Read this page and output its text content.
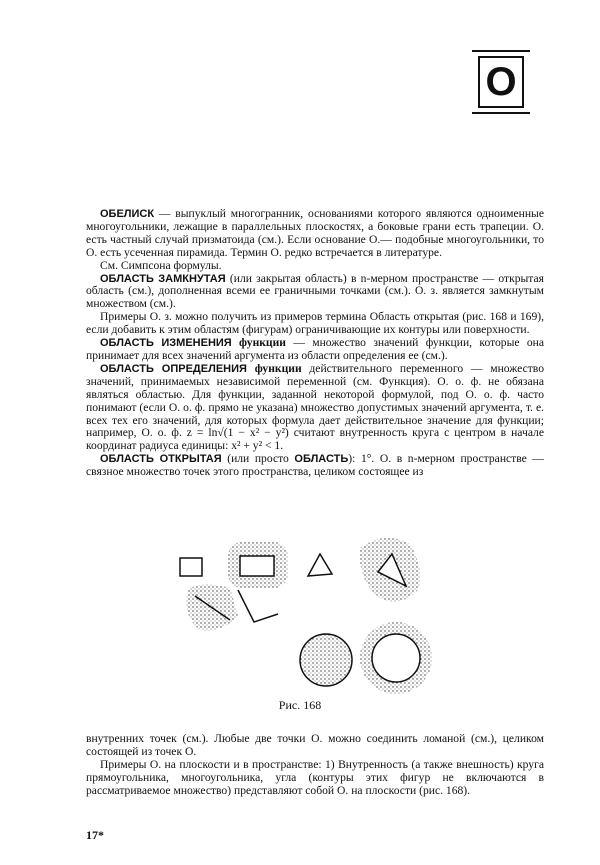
О

ОБЕЛИСК — выпуклый многогранник, основаниями которого являются одноименные многоугольники, лежащие в параллельных плоскостях, а боковые грани есть трапеции. О. есть частный случай призматоида (см.). Если основание О.— подобные многоугольники, то О. есть усеченная пирамида. Термин О. редко встречается в литературе.

См. Симпсона формулы.

ОБЛАСТЬ ЗАМКНУТАЯ (или закрытая область) в n-мерном пространстве — открытая область (см.), дополненная всеми ее граничными точками (см.). О. з. является замкнутым множеством (см.).

Примеры О. з. можно получить из примеров термина Область открытая (рис. 168 и 169), если добавить к этим областям (фигурам) ограничивающие их контуры или поверхности.

ОБЛАСТЬ ИЗМЕНЕНИЯ функции — множество значений функции, которые она принимает для всех значений аргумента из области определения ее (см.).

ОБЛАСТЬ ОПРЕДЕЛЕНИЯ функции действительного переменного — множество значений, принимаемых независимой переменной (см. Функция). О. о. ф. не обязана являться областью. Для функции, заданной некоторой формулой, под О. о. ф. часто понимают (если О. о. ф. прямо не указана) множество допустимых значений аргумента, т. е. всех тех его значений, для которых формула дает действительное значение для функции; например, О. о. ф. z = ln√(1 − x² − y²) считают внутренность круга с центром в начале координат радиуса единицы: x² + y² < 1.

ОБЛАСТЬ ОТКРЫТАЯ (или просто ОБЛАСТЬ): 1°. О. в n-мерном пространстве — связное множество точек этого пространства, целиком состоящее из

Рис. 168

внутренних точек (см.). Любые две точки О. можно соединить ломаной (см.), целиком состоящей из точек О.

Примеры О. на плоскости и в пространстве: 1) Внутренность (а также внешность) круга прямоугольника, многоугольника, угла (контуры этих фигур не включаются в рассматриваемое множество) представляют собой О. на плоскости (рис. 168).

17*
